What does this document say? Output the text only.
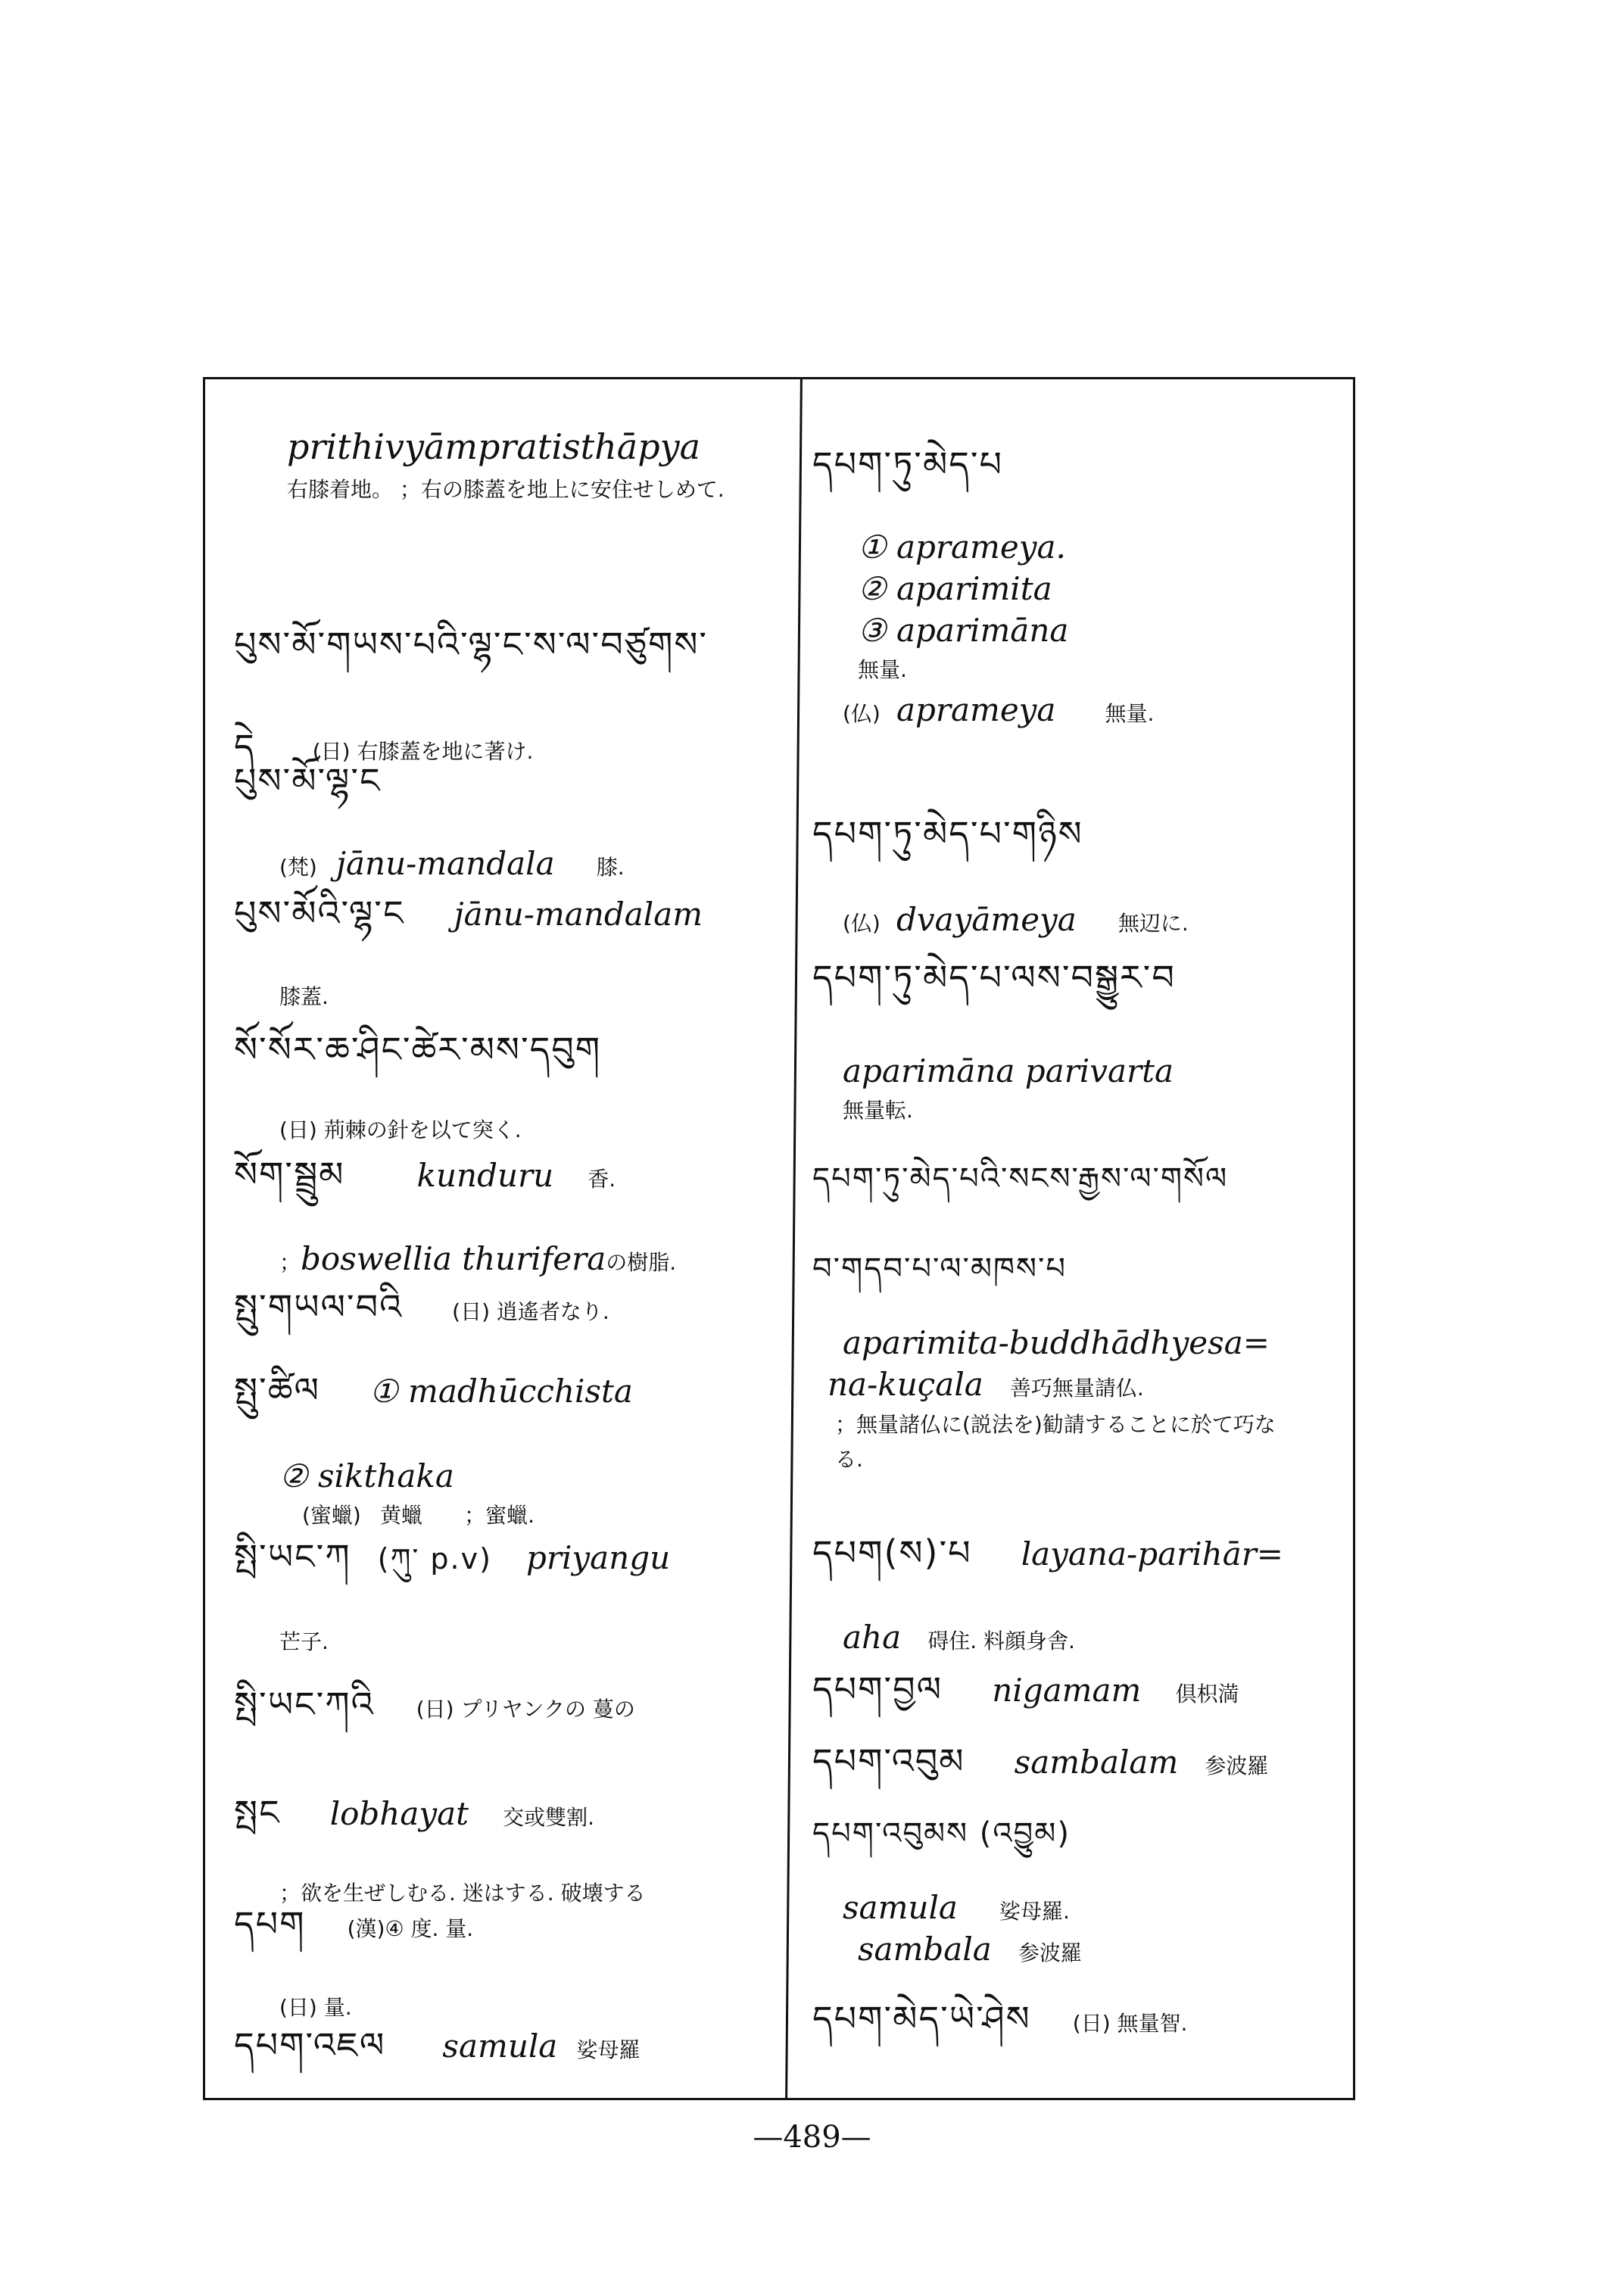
prithivyāmpratisthāpya
右膝着地。 ；右の膝蓋を地上に安住せしめて.
པུས་མོ་གཡས་པའི་ལྷ་ང་ས་ལ་བཙུགས་
དེ	(日) 右膝蓋を地に著け.
པུས་མོ་ལྷ་ང
(梵) jānu-mandala 膝.
པུས་མོའི་ལྷ་ང jānu-mandalam
膝蓋.
སོ་སོར་ཆ་ཤིང་ཚེར་མས་དབུག
(日) 荊棘の針を以て突く.
སོག་སྦྲུམ kunduru 香.
；boswellia thuriferaの樹脂.
སྤུ་གཡལ་བའི (日) 逍遙者なり.
སྤུ་ཚིལ ① madhūcchista
② sikthaka
(蜜蠟) 黄蠟 ；蜜蠟.
སྤི་ཡང་ཀ (ཀུ་ p.v) priyangu
芒子.
སྤི་ཡང་ཀའི (日) プリヤンクの 蔓の
སྤང lobhayat 交或雙割.
；欲を生ぜしむる. 迷はする. 破壊する
དཔག (漢)④ 度. 量.
(日) 量.
དཔག་འཇལ samula 娑母羅
དཔག་ཏུ་མེད་པ
① aprameya.
② aparimita
③ aparimāna
無量.
(仏) aprameya 無量.
དཔག་ཏུ་མེད་པ་གཉིས
(仏) dvayāmeya 無辺に.
དཔག་ཏུ་མེད་པ་ལས་བསྒྱུར་བ
aparimāna parivarta
無量転.
དཔག་ཏུ་མེད་པའི་སངས་རྒྱས་ལ་གསོལ
བ་གདབ་པ་ལ་མཁས་པ
aparimita-buddhādhyesa=
na-kuçala 善巧無量請仏.
；無量諸仏に(説法を)勧請することに於て巧なる.
དཔག(ས)་པ layana-parihār=
aha 碍住. 料顔身舎.
དཔག་བྱལ nigamam 倶枳満
དཔག་འབུམ sambalam 参波羅
དཔག་འབུམས (འབྱུམ)
samula 娑母羅.
sambala 参波羅
དཔག་མེད་ཡེ་ཤེས (日) 無量智.
—489—
